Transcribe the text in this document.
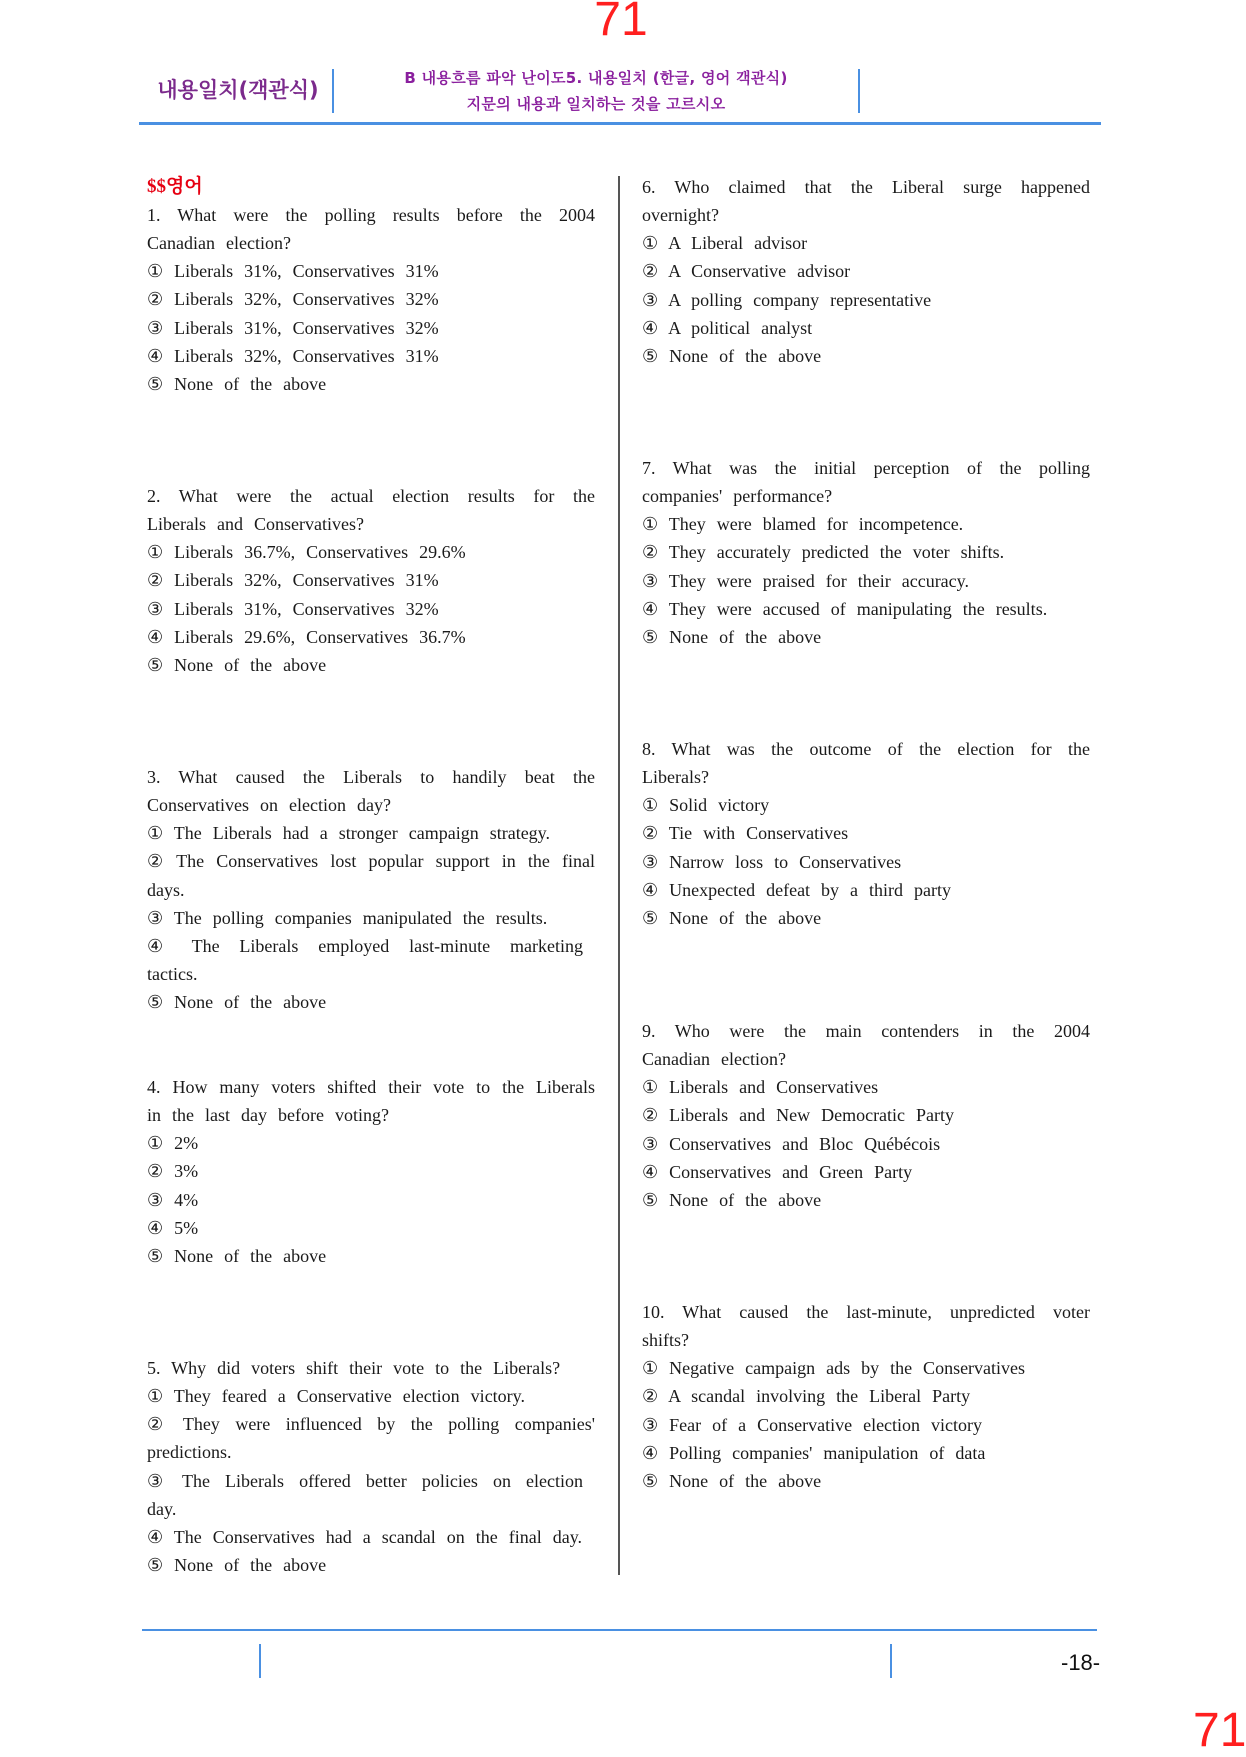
71
내용일치(객관식)	B 내용흐름 파악 난이도5. 내용일치 (한글, 영어 객관식)
지문의 내용과 일치하는 것을 고르시오
$$영어

1. What were the polling results before the 2004 Canadian election?

① Liberals 31%, Conservatives 31%

② Liberals 32%, Conservatives 32%

③ Liberals 31%, Conservatives 32%

④ Liberals 32%, Conservatives 31%

⑤ None of the above

2. What were the actual election results for the Liberals and Conservatives?

① Liberals 36.7%, Conservatives 29.6%

② Liberals 32%, Conservatives 31%

③ Liberals 31%, Conservatives 32%

④ Liberals 29.6%, Conservatives 36.7%

⑤ None of the above

3. What caused the Liberals to handily beat the Conservatives on election day?

① The Liberals had a stronger campaign strategy.

② The Conservatives lost popular support in the final days.

③ The polling companies manipulated the results.

④ The Liberals employed last-minute marketing tactics.

⑤ None of the above

4. How many voters shifted their vote to the Liberals in the last day before voting?

① 2%

② 3%

③ 4%

④ 5%

⑤ None of the above

5. Why did voters shift their vote to the Liberals?

① They feared a Conservative election victory.

② They were influenced by the polling companies' predictions.

③ The Liberals offered better policies on election day.

④ The Conservatives had a scandal on the final day.

⑤ None of the above

6. Who claimed that the Liberal surge happened overnight?

① A Liberal advisor

② A Conservative advisor

③ A polling company representative

④ A political analyst

⑤ None of the above

7. What was the initial perception of the polling companies' performance?

① They were blamed for incompetence.

② They accurately predicted the voter shifts.

③ They were praised for their accuracy.

④ They were accused of manipulating the results.

⑤ None of the above

8. What was the outcome of the election for the Liberals?

① Solid victory

② Tie with Conservatives

③ Narrow loss to Conservatives

④ Unexpected defeat by a third party

⑤ None of the above

9. Who were the main contenders in the 2004 Canadian election?

① Liberals and Conservatives

② Liberals and New Democratic Party

③ Conservatives and Bloc Québécois

④ Conservatives and Green Party

⑤ None of the above

10. What caused the last-minute, unpredicted voter shifts?

① Negative campaign ads by the Conservatives

② A scandal involving the Liberal Party

③ Fear of a Conservative election victory

④ Polling companies' manipulation of data

⑤ None of the above

-18-
71
